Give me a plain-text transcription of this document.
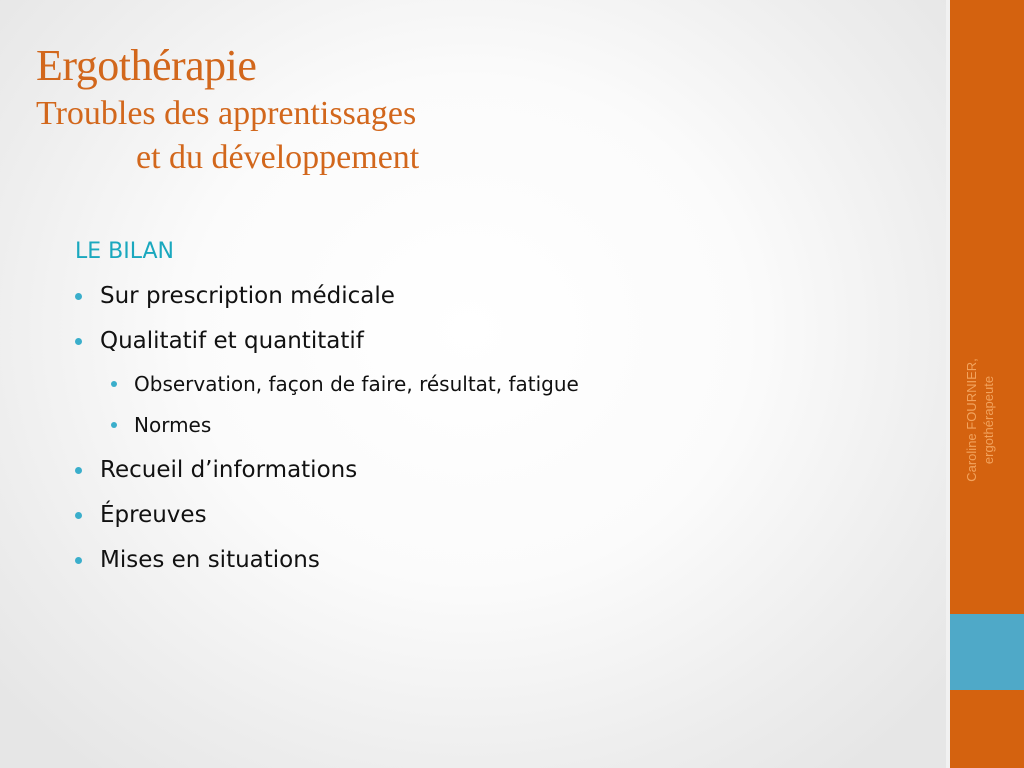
Ergothérapie
Troubles des apprentissages
et du développement
LE BILAN
Sur prescription médicale
Qualitatif et quantitatif
Observation, façon de faire, résultat, fatigue
Normes
Recueil d’informations
Épreuves
Mises en situations
Caroline FOURNIER, ergothérapeute
